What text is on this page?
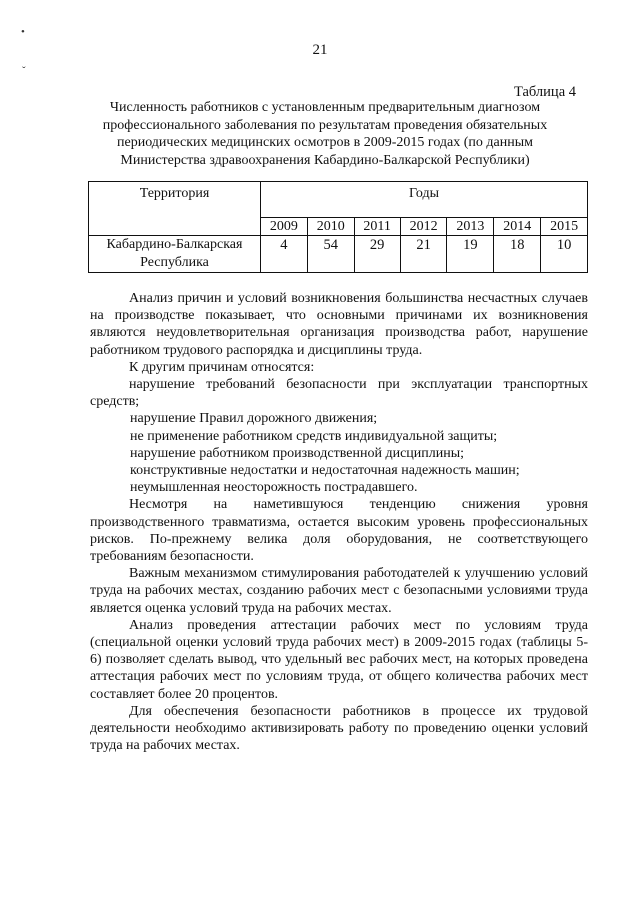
•
ˇ
21
Таблица 4
Численность работников с установленным предварительным диагнозом профессионального заболевания по результатам проведения обязательных периодических медицинских осмотров в 2009-2015 годах (по данным Министерства здравоохранения Кабардино-Балкарской Республики)
Территория	Годы						
	2009	2010	2011	2012	2013	2014	2015
Кабардино-Балкарская Республика	4	54	29	21	19	18	10

Анализ причин и условий возникновения большинства несчастных случаев на производстве показывает, что основными причинами их возникновения являются неудовлетворительная организация производства работ, нарушение работником трудового распорядка и дисциплины труда.

К другим причинам относятся:

нарушение требований безопасности при эксплуатации транспортных средств;

нарушение Правил дорожного движения;

не применение работником средств индивидуальной защиты;

нарушение работником производственной дисциплины;

конструктивные недостатки и недостаточная надежность машин;

неумышленная неосторожность пострадавшего.

Несмотря на наметившуюся тенденцию снижения уровня производственного травматизма, остается высоким уровень профессиональных рисков. По-прежнему велика доля оборудования, не соответствующего требованиям безопасности.

Важным механизмом стимулирования работодателей к улучшению условий труда на рабочих местах, созданию рабочих мест с безопасными условиями труда является оценка условий труда на рабочих местах.

Анализ проведения аттестации рабочих мест по условиям труда (специальной оценки условий труда рабочих мест) в 2009-2015 годах (таблицы 5-6) позволяет сделать вывод, что удельный вес рабочих мест, на которых проведена аттестация рабочих мест по условиям труда, от общего количества рабочих мест составляет более 20 процентов.

Для обеспечения безопасности работников в процессе их трудовой деятельности необходимо активизировать работу по проведению оценки условий труда на рабочих местах.
